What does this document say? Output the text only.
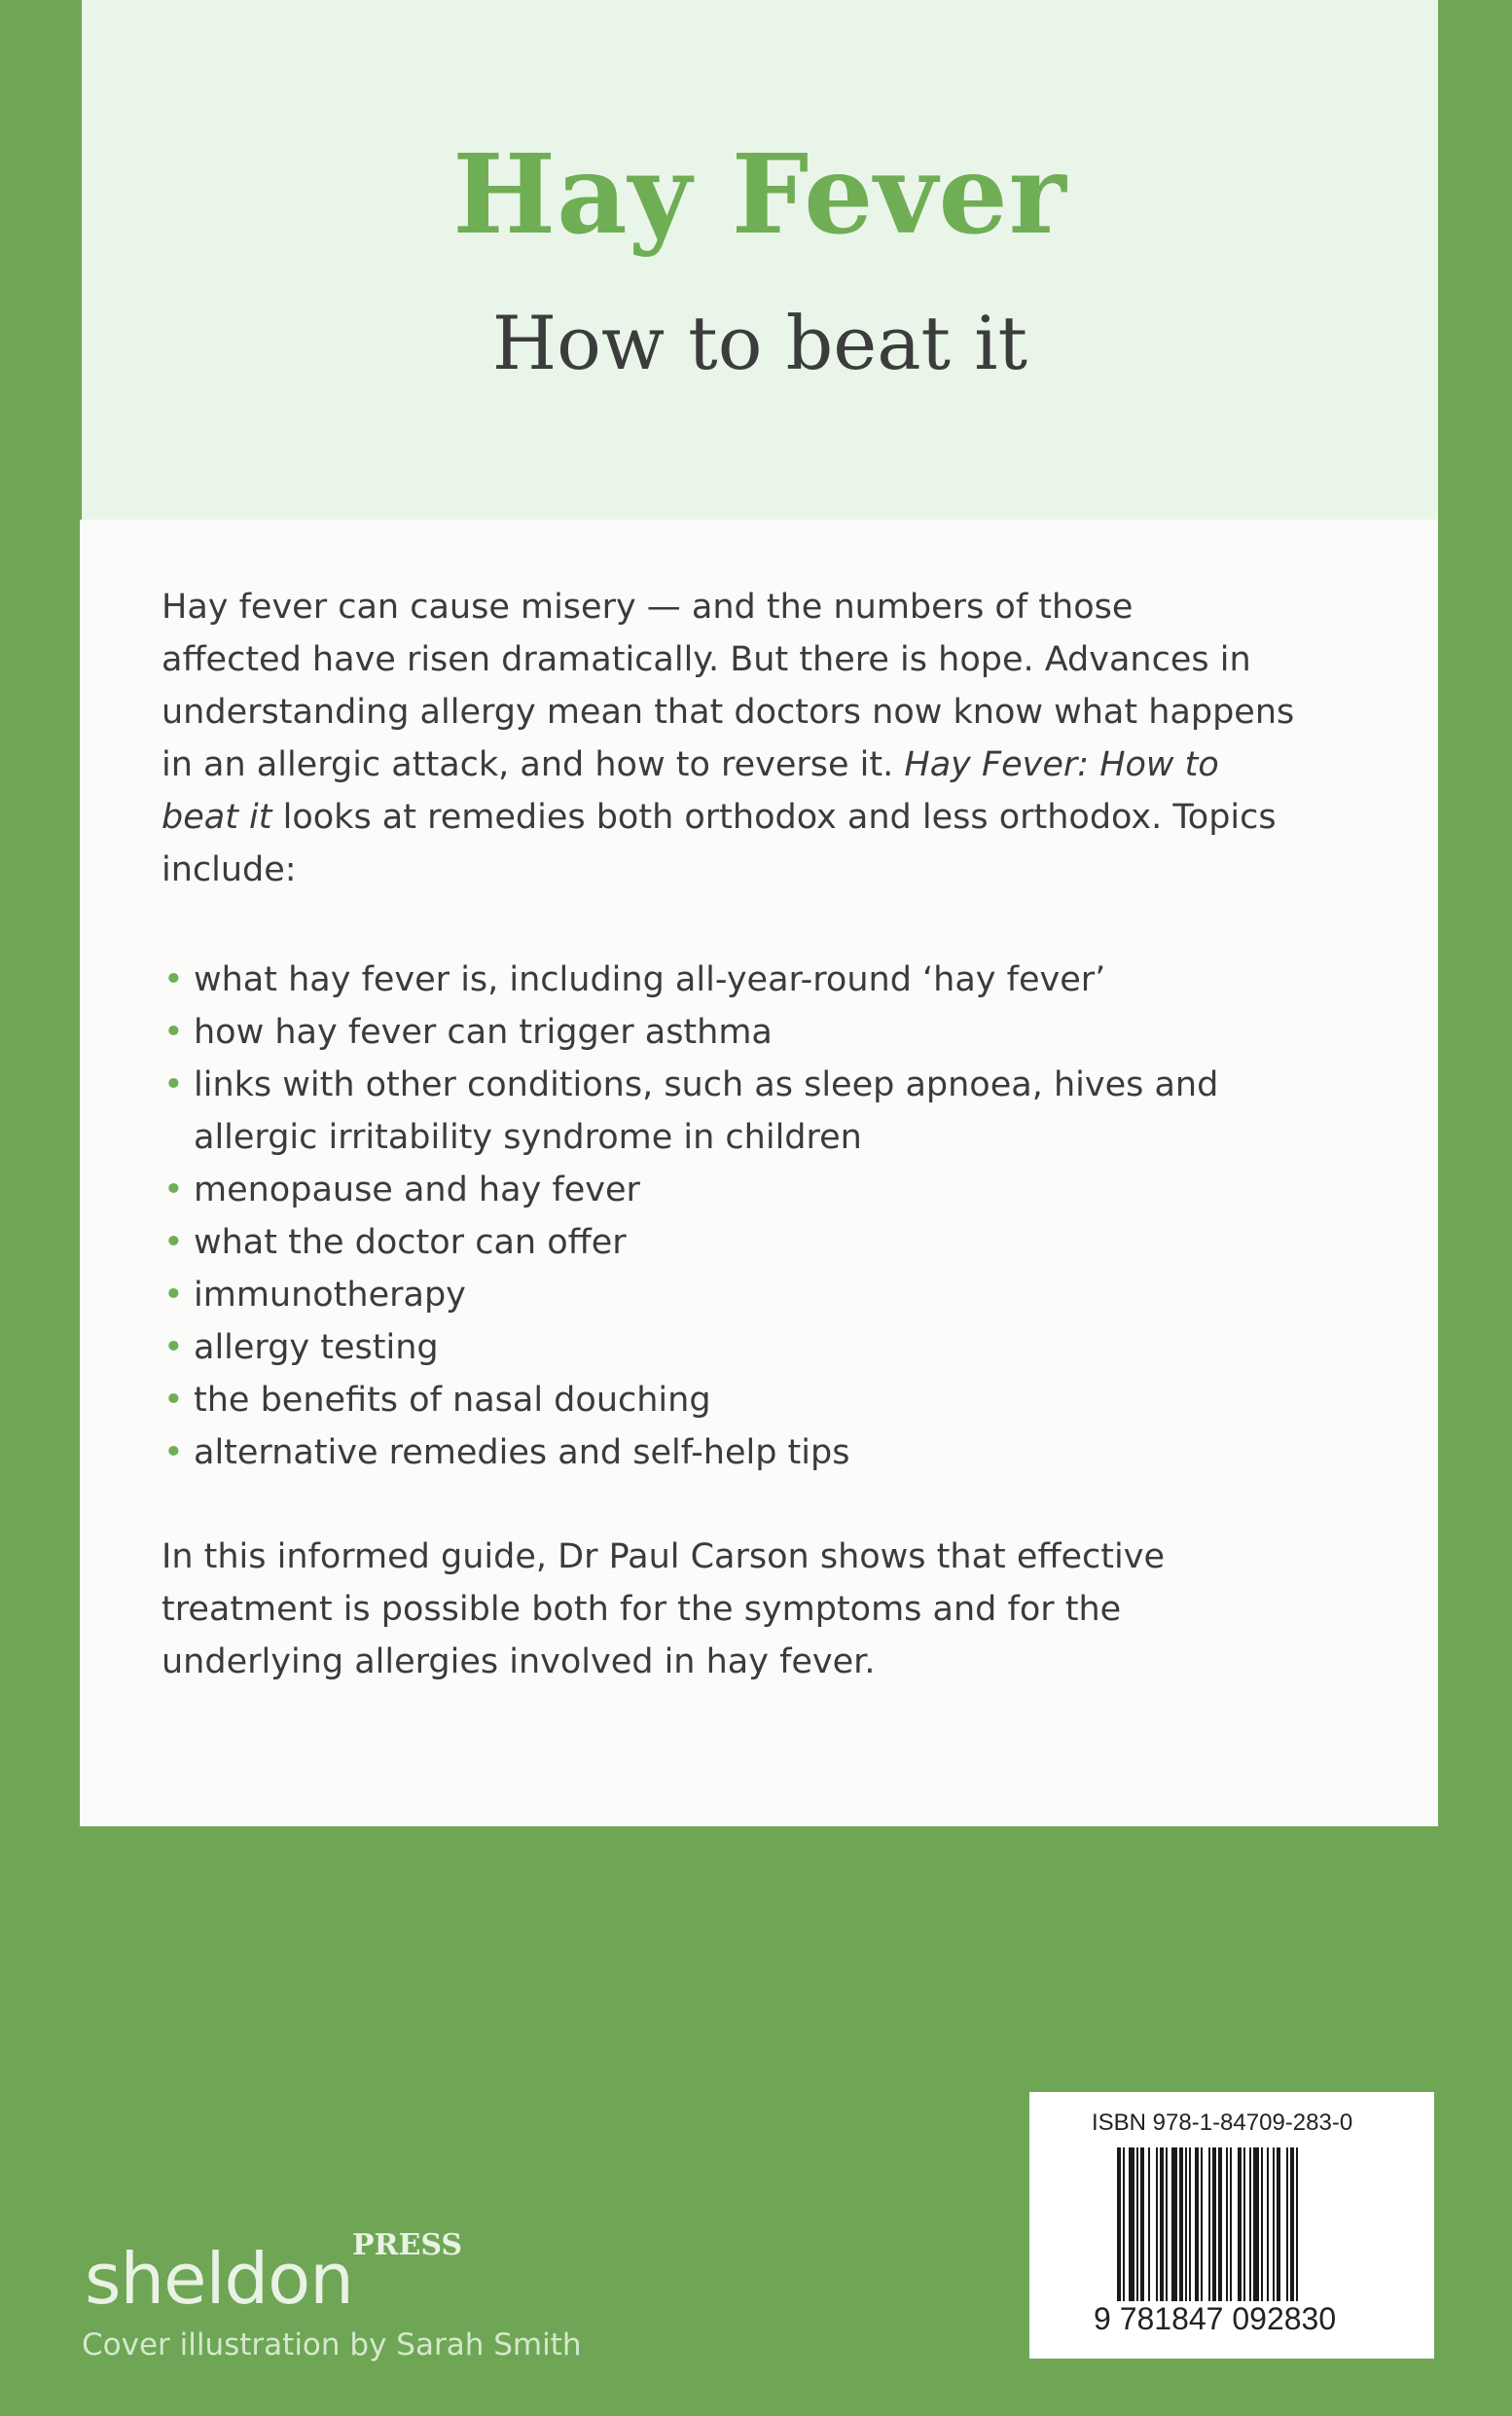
Hay Fever
How to beat it
Hay fever can cause misery — and the numbers of those
affected have risen dramatically. But there is hope. Advances in
understanding allergy mean that doctors now know what happens
in an allergic attack, and how to reverse it. Hay Fever: How to
beat it looks at remedies both orthodox and less orthodox. Topics
include:
• what hay fever is, including all-year-round ‘hay fever’
• how hay fever can trigger asthma
• links with other conditions, such as sleep apnoea, hives and
allergic irritability syndrome in children
• menopause and hay fever
• what the doctor can offer
• immunotherapy
• allergy testing
• the benefits of nasal douching
• alternative remedies and self-help tips
In this informed guide, Dr Paul Carson shows that effective
treatment is possible both for the symptoms and for the
underlying allergies involved in hay fever.
PRESS
sheldon
Cover illustration by Sarah Smith
ISBN 978-1-84709-283-0
9 781847 092830
